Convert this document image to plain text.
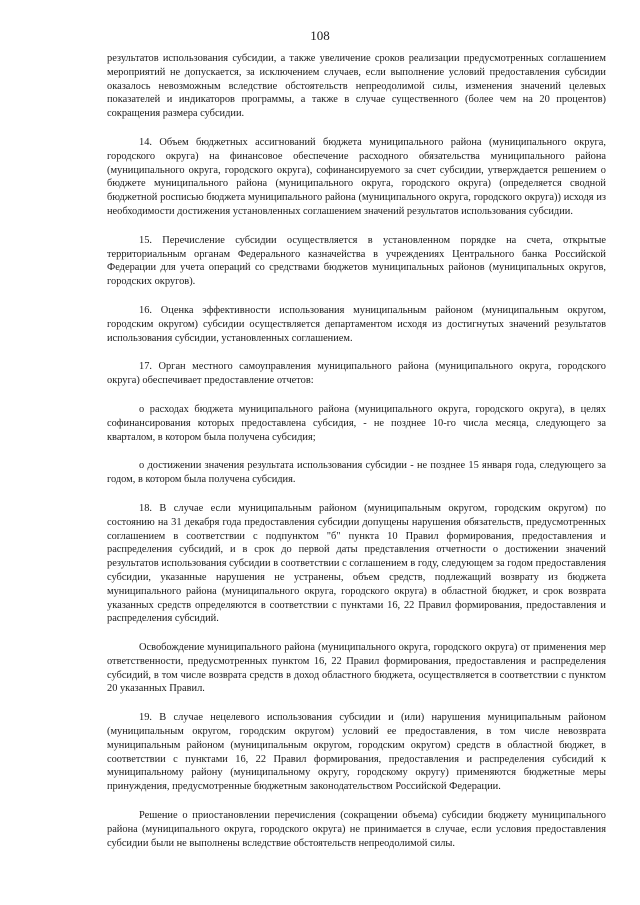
108

результатов использования субсидии, а также увеличение сроков реализации предусмотренных соглашением мероприятий не допускается, за исключением случаев, если выполнение условий предоставления субсидии оказалось невозможным вследствие обстоятельств непреодолимой силы, изменения значений целевых показателей и индикаторов программы, а также в случае существенного (более чем на 20 процентов) сокращения размера субсидии.

14. Объем бюджетных ассигнований бюджета муниципального района (муниципального округа, городского округа) на финансовое обеспечение расходного обязательства муниципального района (муниципального округа, городского округа), софинансируемого за счет субсидии, утверждается решением о бюджете муниципального района (муниципального округа, городского округа) (определяется сводной бюджетной росписью бюджета муниципального района (муниципального округа, городского округа)) исходя из необходимости достижения установленных соглашением значений результатов использования субсидии.

15. Перечисление субсидии осуществляется в установленном порядке на счета, открытые территориальным органам Федерального казначейства в учреждениях Центрального банка Российской Федерации для учета операций со средствами бюджетов муниципальных районов (муниципальных округов, городских округов).

16. Оценка эффективности использования муниципальным районом (муниципальным округом, городским округом) субсидии осуществляется департаментом исходя из достигнутых значений результатов использования субсидии, установленных соглашением.

17. Орган местного самоуправления муниципального района (муниципального округа, городского округа) обеспечивает предоставление отчетов:

о расходах бюджета муниципального района (муниципального округа, городского округа), в целях софинансирования которых предоставлена субсидия, - не позднее 10-го числа месяца, следующего за кварталом, в котором была получена субсидия;

о достижении значения результата использования субсидии - не позднее 15 января года, следующего за годом, в котором была получена субсидия.

18. В случае если муниципальным районом (муниципальным округом, городским округом) по состоянию на 31 декабря года предоставления субсидии допущены нарушения обязательств, предусмотренных соглашением в соответствии с подпунктом "б" пункта 10 Правил формирования, предоставления и распределения субсидий, и в срок до первой даты представления отчетности о достижении значений результатов использования субсидии в соответствии с соглашением в году, следующем за годом предоставления субсидии, указанные нарушения не устранены, объем средств, подлежащий возврату из бюджета муниципального района (муниципального округа, городского округа) в областной бюджет, и срок возврата указанных средств определяются в соответствии с пунктами 16, 22 Правил формирования, предоставления и распределения субсидий.

Освобождение муниципального района (муниципального округа, городского округа) от применения мер ответственности, предусмотренных пунктом 16, 22 Правил формирования, предоставления и распределения субсидий, в том числе возврата средств в доход областного бюджета, осуществляется в соответствии с пунктом 20 указанных Правил.

19. В случае нецелевого использования субсидии и (или) нарушения муниципальным районом (муниципальным округом, городским округом) условий ее предоставления, в том числе невозврата муниципальным районом (муниципальным округом, городским округом) средств в областной бюджет, в соответствии с пунктами 16, 22 Правил формирования, предоставления и распределения субсидий к муниципальному району (муниципальному округу, городскому округу) применяются бюджетные меры принуждения, предусмотренные бюджетным законодательством Российской Федерации.

Решение о приостановлении перечисления (сокращении объема) субсидии бюджету муниципального района (муниципального округа, городского округа) не принимается в случае, если условия предоставления субсидии были не выполнены вследствие обстоятельств непреодолимой силы.
